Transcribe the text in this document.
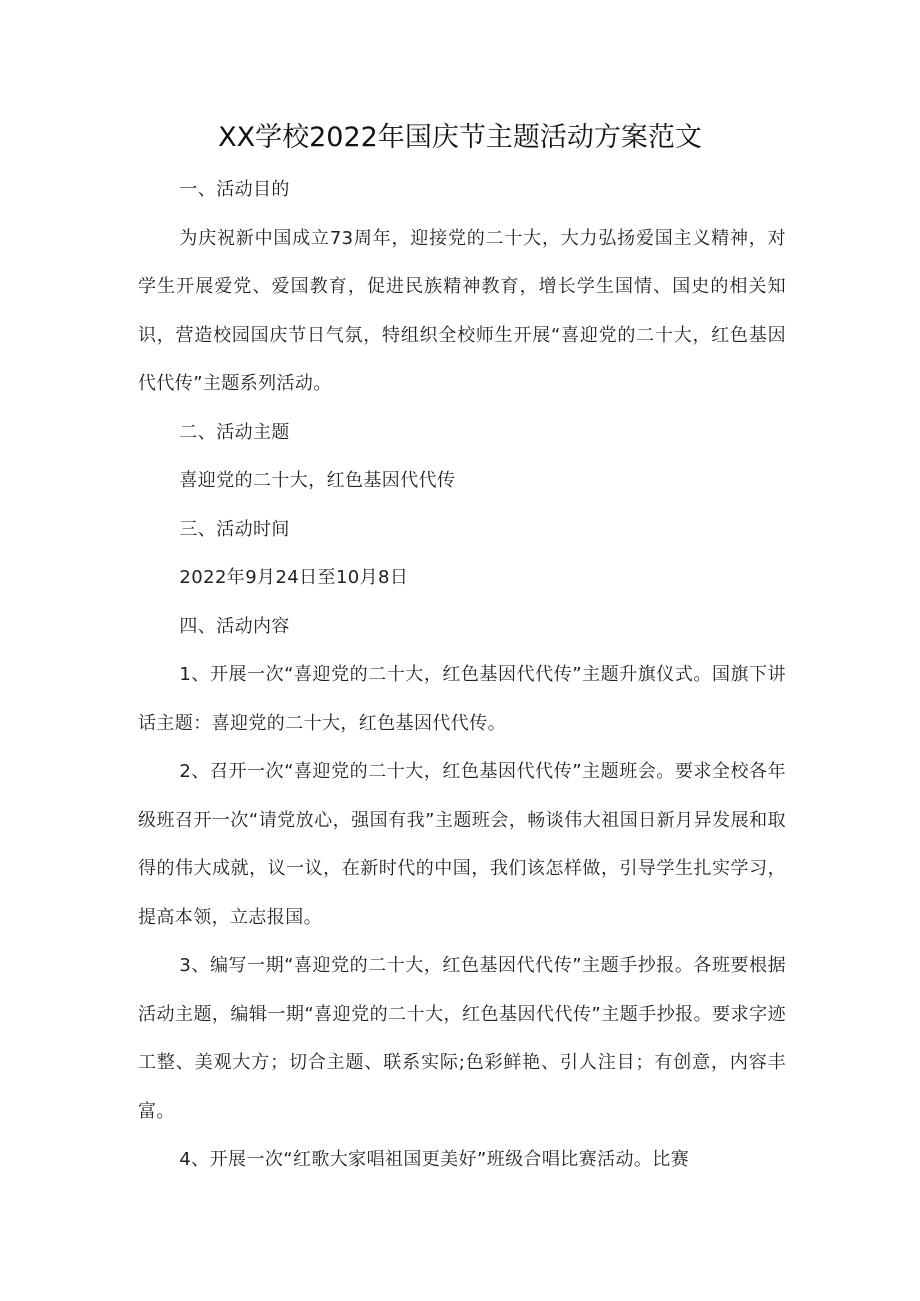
XX学校2022年国庆节主题活动方案范文

一、活动目的

为庆祝新中国成立73周年，迎接党的二十大，大力弘扬爱国主义精神，对学生开展爱党、爱国教育，促进民族精神教育，增长学生国情、国史的相关知识，营造校园国庆节日气氛，特组织全校师生开展“喜迎党的二十大，红色基因代代传”主题系列活动。

二、活动主题

喜迎党的二十大，红色基因代代传

三、活动时间

2022年9月24日至10月8日

四、活动内容

1、开展一次“喜迎党的二十大，红色基因代代传”主题升旗仪式。国旗下讲话主题：喜迎党的二十大，红色基因代代传。

2、召开一次“喜迎党的二十大，红色基因代代传”主题班会。要求全校各年级班召开一次“请党放心，强国有我”主题班会，畅谈伟大祖国日新月异发展和取得的伟大成就，议一议，在新时代的中国，我们该怎样做，引导学生扎实学习，提高本领，立志报国。

3、编写一期“喜迎党的二十大，红色基因代代传”主题手抄报。各班要根据活动主题，编辑一期“喜迎党的二十大，红色基因代代传”主题手抄报。要求字迹工整、美观大方；切合主题、联系实际;色彩鲜艳、引人注目；有创意，内容丰富。

4、开展一次“红歌大家唱祖国更美好”班级合唱比赛活动。比赛
